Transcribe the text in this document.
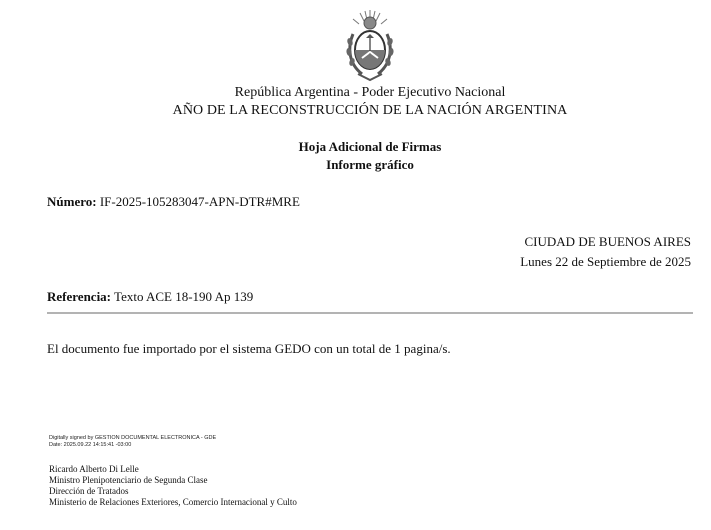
República Argentina - Poder Ejecutivo Nacional
AÑO DE LA RECONSTRUCCIÓN DE LA NACIÓN ARGENTINA
Hoja Adicional de Firmas
Informe gráfico
Número: IF-2025-105283047-APN-DTR#MRE
CIUDAD DE BUENOS AIRES
Lunes 22 de Septiembre de 2025
Referencia: Texto ACE 18-190 Ap 139
El documento fue importado por el sistema GEDO con un total de 1 pagina/s.
Digitally signed by GESTION DOCUMENTAL ELECTRONICA - GDE
Date: 2025.09.22 14:15:41 -03:00
Ricardo Alberto Di Lelle
Ministro Plenipotenciario de Segunda Clase
Dirección de Tratados
Ministerio de Relaciones Exteriores, Comercio Internacional y Culto
